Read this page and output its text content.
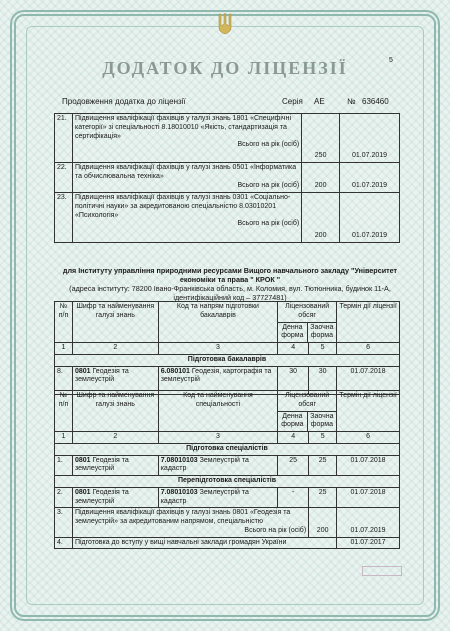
5
ДОДАТОК ДО ЛІЦЕНЗІЇ
Продовження додатка до ліцензії	Серія АЕ	№ 636460
21.	Підвищення кваліфікації фахівців у галузі знань 1801 «Специфічні категорії» зі спеціальності 8.18010010 «Якість, стандартизація та сертифікація»
Всього на рік (осіб)	250	01.07.2019
22.	Підвищення кваліфікації фахівців у галузі знань 0501 «Інформатика та обчислювальна техніка»
Всього на рік (осіб)	200	01.07.2019
23.	Підвищення кваліфікації фахівців у галузі знань 0301 «Соціально-політичні науки» за акредитованою спеціальністю 8.03010201 «Психологія»
Всього на рік (осіб)	200	01.07.2019
для Інституту управління природними ресурсами Вищого навчального закладу "Університет економіки та права " КРОК "
(адреса інституту: 78200 Івано-Франківська область, м. Коломия, вул. Тютюнника, будинок 11-А, ідентифікаційний код – 37727481)
№ п/п	Шифр та найменування галузі знань	Код та напрям підготовки бакалаврів	Ліцензований обсяг
Денна форма
Заочна форма		Термін дії ліцензії
1	2	3	4	5	6
Підготовка бакалаврів					
8.	0801 Геодезія та землеустрій	6.080101 Геодезія, картографія та землеустрій	30	30	01.07.2018
№ п/п	Шифр та найменування галузі знань	Код та найменування спеціальності	Ліцензований обсяг
Денна форма
Заочна форма		Термін дії ліцензії
1	2	3	4	5	6
Підготовка спеціалістів					
1.	0801 Геодезія та землеустрій	7.08010103 Землеустрій та кадастр	25	25	01.07.2018
Перепідготовка спеціалістів					
2.	0801 Геодезія та землеустрій	7.08010103 Землеустрій та кадастр	-	25	01.07.2018
3.	Підвищення кваліфікації фахівців у галузі знань 0801 «Геодезія та землеустрій» за акредитованим напрямом, спеціальністю
Всього на рік (осіб)			200	01.07.2019
4.	Підготовка до вступу у вищі навчальні заклади громадян України				01.07.2017
